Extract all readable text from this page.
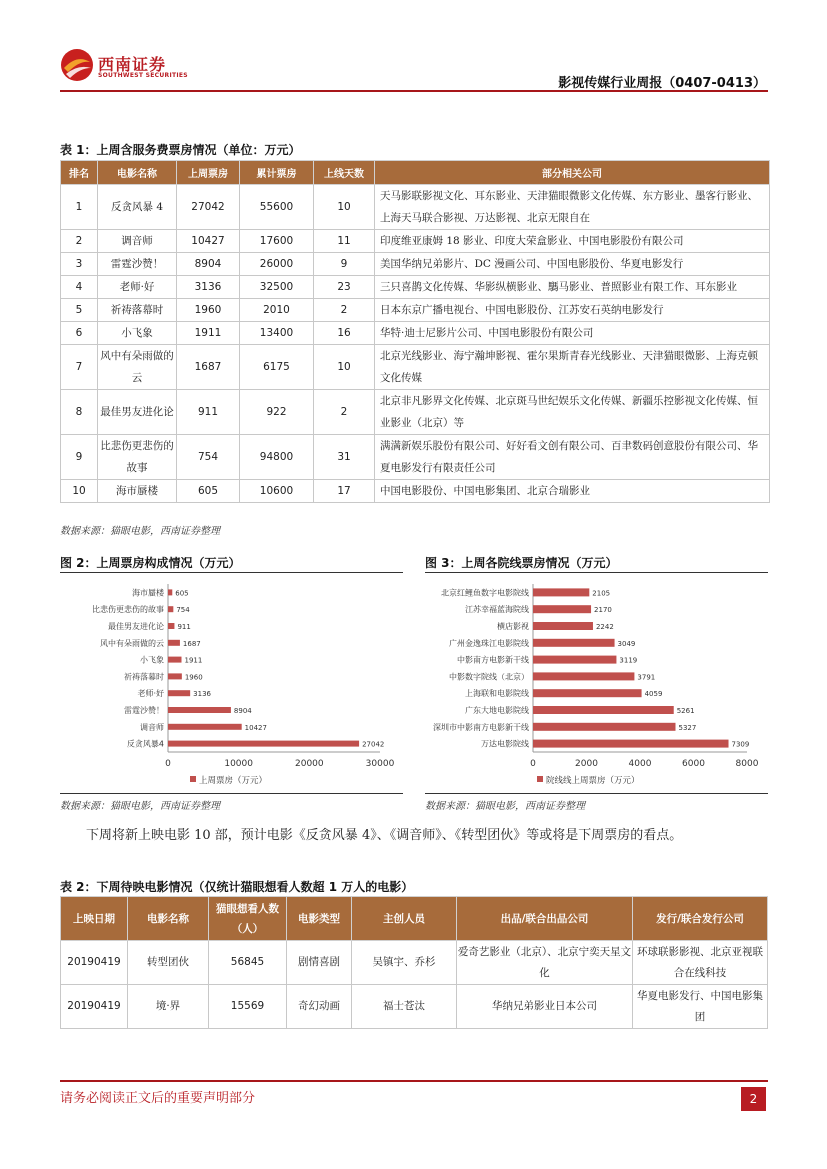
西南证券
SOUTHWEST SECURITIES
影视传媒行业周报（0407-0413）
表 1：上周含服务费票房情况（单位：万元）
排名	电影名称	上周票房	累计票房	上线天数	部分相关公司
1	反贪风暴 4	27042	55600	10	天马影联影视文化、耳东影业、天津猫眼微影文化传媒、东方影业、墨客行影业、上海天马联合影视、万达影视、北京无限自在
2	调音师	10427	17600	11	印度维亚康姆 18 影业、印度大荣盒影业、中国电影股份有限公司
3	雷霆沙赞！	8904	26000	9	美国华纳兄弟影片、DC 漫画公司、中国电影股份、华夏电影发行
4	老师·好	3136	32500	23	三只喜鹊文化传媒、华影纵横影业、騳马影业、普照影业有限工作、耳东影业
5	祈祷落幕时	1960	2010	2	日本东京广播电视台、中国电影股份、江苏安石英纳电影发行
6	小飞象	1911	13400	16	华特·迪士尼影片公司、中国电影股份有限公司
7	风中有朵雨做的云	1687	6175	10	北京光线影业、海宁瀚坤影视、霍尔果斯青春光线影业、天津猫眼微影、上海克顿文化传媒
8	最佳男友进化论	911	922	2	北京非凡影界文化传媒、北京斑马世纪娱乐文化传媒、新疆乐控影视文化传媒、恒业影业（北京）等
9	比悲伤更悲伤的故事	754	94800	31	满满新娱乐股份有限公司、好好看文创有限公司、百聿数码创意股份有限公司、华夏电影发行有限责任公司
10	海市蜃楼	605	10600	17	中国电影股份、中国电影集团、北京合瑞影业
数据来源：猫眼电影，西南证券整理
图 2：上周票房构成情况（万元）	图 3：上周各院线票房情况（万元）
海市蜃楼 605
比悲伤更悲伤的故事 754
最佳男友进化论 911
风中有朵雨做的云	1687
小飞象	1911
祈祷落幕时	1960
老师·好	3136
雷霆沙赞！	8904
调音师	10427
反贪风暴4	27042
0	10000	20000	30000
上周票房（万元）
北京红鲤鱼数字电影院线	2105
江苏幸福蓝海院线	2170
横店影视	2242
广州金逸珠江电影院线	3049
中影南方电影新干线	3119
中影数字院线（北京）	3791
上海联和电影院线	4059
广东大地电影院线	5261
深圳市中影南方电影新干线	5327
万达电影院线	7309
0	2000	4000	6000	8000
院线线上周票房（万元）
数据来源：猫眼电影，西南证券整理	数据来源：猫眼电影，西南证券整理
下周将新上映电影 10 部，预计电影《反贪风暴 4》、《调音师》、《转型团伙》等或将是下周票房的看点。
表 2：下周待映电影情况（仅统计猫眼想看人数超 1 万人的电影）
上映日期	电影名称	猫眼想看人数（人）	电影类型	主创人员	出品/联合出品公司	发行/联合发行公司
20190419	转型团伙	56845	剧情喜剧	吴镇宇、乔杉	爱奇艺影业（北京）、北京宁奕天星文化	环球联影影视、北京亚视联合在线科技
20190419	境·界	15569	奇幻动画	福士苍汰	华纳兄弟影业日本公司	华夏电影发行、中国电影集团
请务必阅读正文后的重要声明部分	2
